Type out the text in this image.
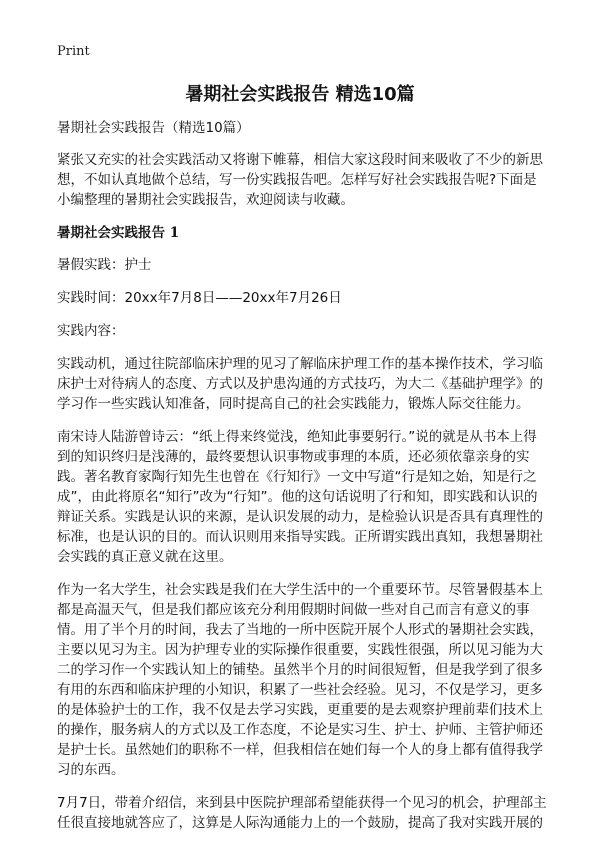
Print
暑期社会实践报告 精选10篇

暑期社会实践报告（精选10篇）

紧张又充实的社会实践活动又将谢下帷幕，相信大家这段时间来吸收了不少的新思想，不如认真地做个总结，写一份实践报告吧。怎样写好社会实践报告呢?下面是小编整理的暑期社会实践报告，欢迎阅读与收藏。

暑期社会实践报告 1

暑假实践：护士

实践时间：20xx年7月8日——20xx年7月26日

实践内容：

实践动机，通过往院部临床护理的见习了解临床护理工作的基本操作技术，学习临床护士对待病人的态度、方式以及护患沟通的方式技巧，为大二《基础护理学》的学习作一些实践认知准备，同时提高自己的社会实践能力，锻炼人际交往能力。

南宋诗人陆游曾诗云：“纸上得来终觉浅，绝知此事要躬行。”说的就是从书本上得到的知识终归是浅薄的，最终要想认识事物或事理的本质，还必须依靠亲身的实践。著名教育家陶行知先生也曾在《行知行》一文中写道“行是知之始，知是行之成”，由此将原名“知行”改为“行知”。他的这句话说明了行和知，即实践和认识的辩证关系。实践是认识的来源，是认识发展的动力，是检验认识是否具有真理性的标准，也是认识的目的。而认识则用来指导实践。正所谓实践出真知，我想暑期社会实践的真正意义就在这里。

作为一名大学生，社会实践是我们在大学生活中的一个重要环节。尽管暑假基本上都是高温天气，但是我们都应该充分利用假期时间做一些对自己而言有意义的事情。用了半个月的时间，我去了当地的一所中医院开展个人形式的暑期社会实践，主要以见习为主。因为护理专业的实际操作很重要，实践性很强，所以见习能为大二的学习作一个实践认知上的铺垫。虽然半个月的时间很短暂，但是我学到了很多有用的东西和临床护理的小知识，积累了一些社会经验。见习，不仅是学习，更多的是体验护士的工作，我不仅是去学习实践，更重要的是去观察护理前辈们技术上的操作，服务病人的方式以及工作态度，不论是实习生、护士、护师、主管护师还是护士长。虽然她们的职称不一样，但我相信在她们每一个人的身上都有值得我学习的东西。

7月7日，带着介绍信，来到县中医院护理部希望能获得一个见习的机会，护理部主任很直接地就答应了，这算是人际沟通能力上的一个鼓励，提高了我对实践开展的
